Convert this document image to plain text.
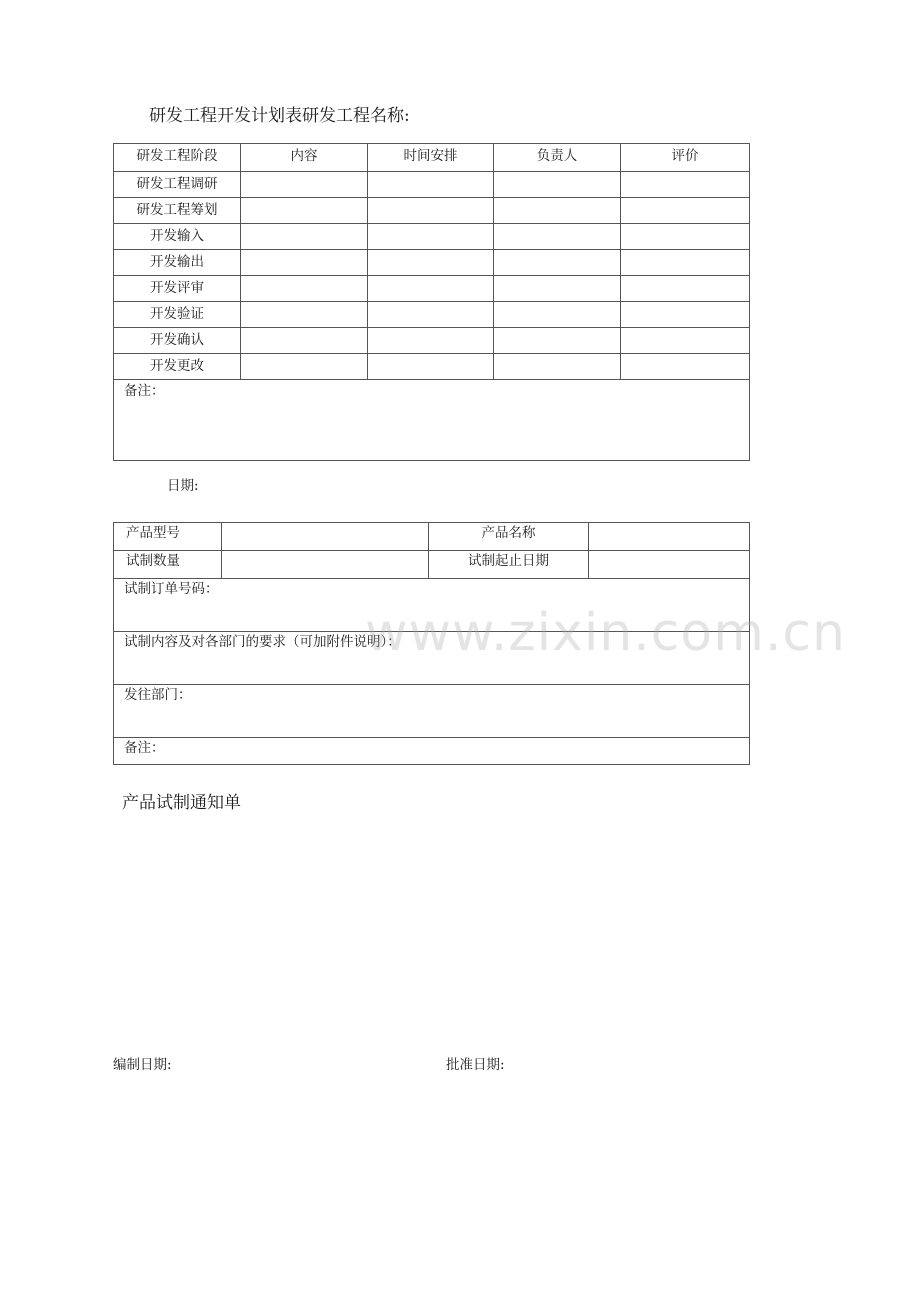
研发工程开发计划表研发工程名称:
研发工程阶段	内容	时间安排	负责人	评价
研发工程调研				
研发工程筹划				
开发输入				
开发输出				
开发评审				
开发验证				
开发确认				
开发更改				
备注：				
日期:
产品型号		产品名称	
试制数量		试制起止日期	
试制订单号码：			
试制内容及对各部门的要求（可加附件说明）：			
发往部门：			
备注：			
产品试制通知单
编制日期:	批准日期:
www.zixin.com.cn
